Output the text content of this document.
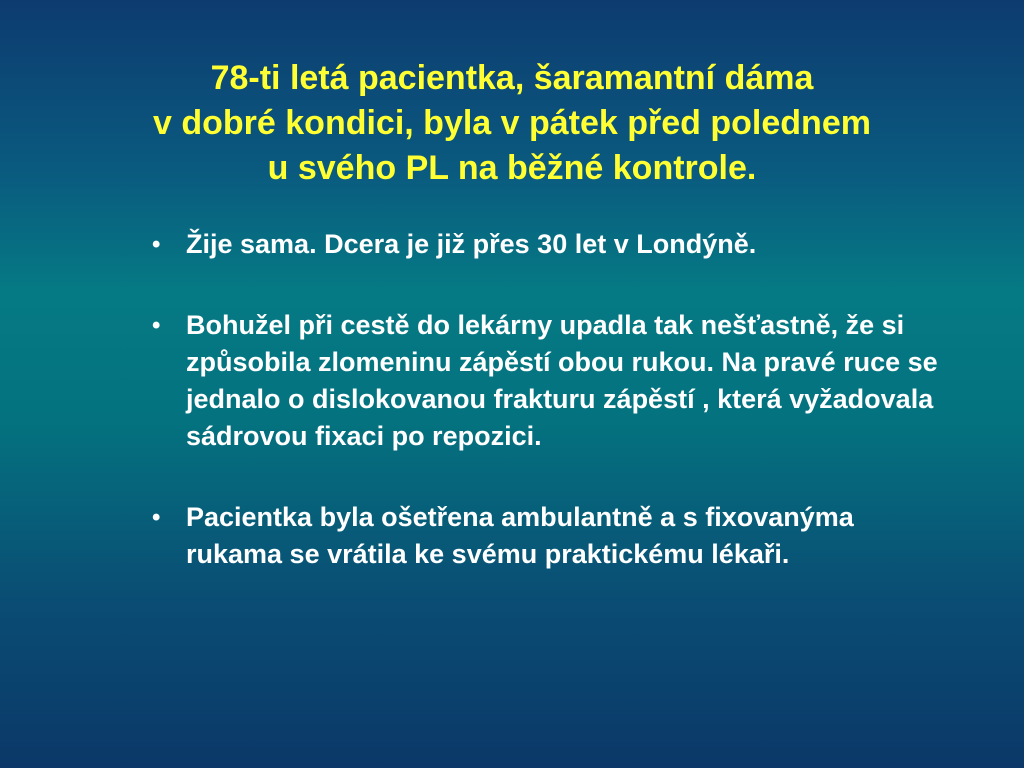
78-ti letá pacientka, šaramantní dáma
v dobré kondici, byla v pátek před polednem
u svého PL na běžné kontrole.
• Žije sama. Dcera je již přes 30 let v Londýně.
• Bohužel při cestě do lekárny upadla tak nešťastně, že si způsobila zlomeninu zápěstí obou rukou. Na pravé ruce se jednalo o dislokovanou frakturu zápěstí , která vyžadovala sádrovou fixaci po repozici.
• Pacientka byla ošetřena ambulantně a s fixovanýma rukama se vrátila ke svému praktickému lékaři.
